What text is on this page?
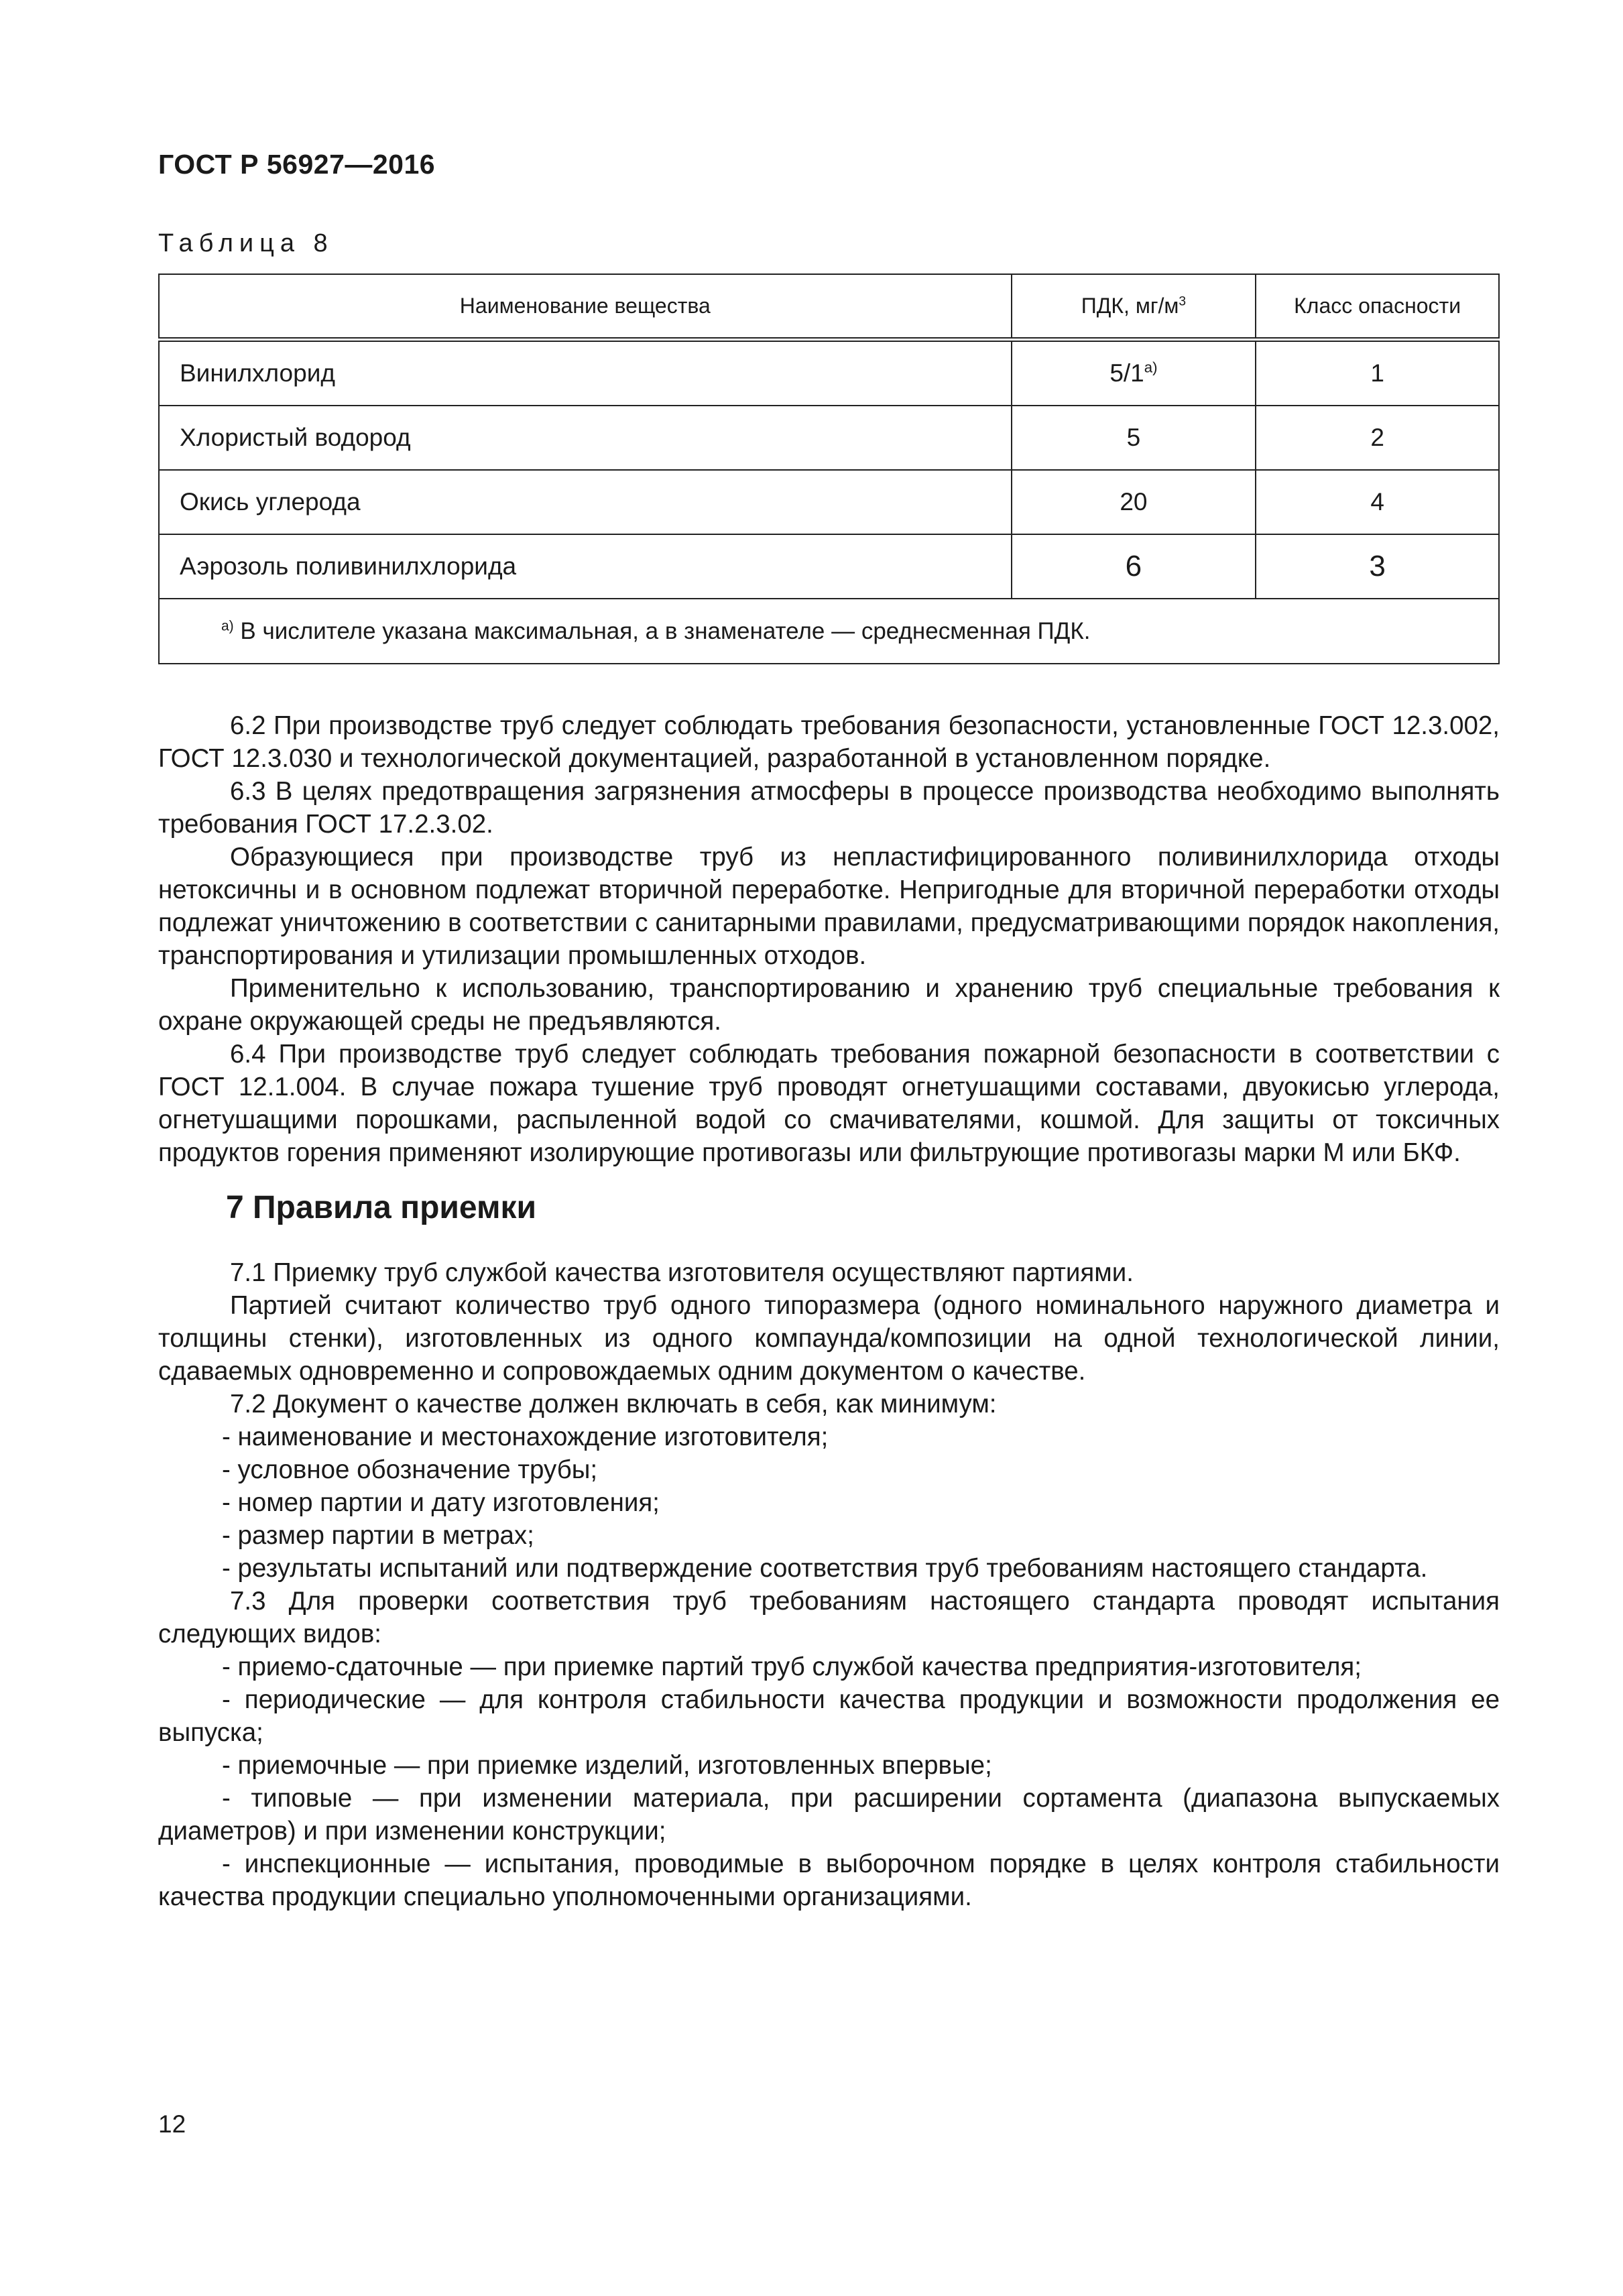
ГОСТ Р 56927—2016
Таблица 8
Наименование вещества	ПДК, $мг/м^3$	Класс опасности
Винилхлорид	$5/1^{а)}$	1
Хлористый водород	5	2
Окись углерода	20	4
Аэрозоль поливинилхлорида	6	3
$^{а)}$ В числителе указана максимальная, а в знаменателе — среднесменная ПДК.		

6.2 При производстве труб следует соблюдать требования безопасности, установленные ГОСТ 12.3.002, ГОСТ 12.3.030 и технологической документацией, разработанной в установленном порядке.

6.3 В целях предотвращения загрязнения атмосферы в процессе производства необходимо выполнять требования ГОСТ 17.2.3.02.

Образующиеся при производстве труб из непластифицированного поливинилхлорида отходы нетоксичны и в основном подлежат вторичной переработке. Непригодные для вторичной переработки отходы подлежат уничтожению в соответствии с санитарными правилами, предусматривающими порядок накопления, транспортирования и утилизации промышленных отходов.

Применительно к использованию, транспортированию и хранению труб специальные требования к охране окружающей среды не предъявляются.

6.4 При производстве труб следует соблюдать требования пожарной безопасности в соответствии с ГОСТ 12.1.004. В случае пожара тушение труб проводят огнетушащими составами, двуокисью углерода, огнетушащими порошками, распыленной водой со смачивателями, кошмой. Для защиты от токсичных продуктов горения применяют изолирующие противогазы или фильтрующие противогазы марки М или БКФ.

7 Правила приемки

7.1 Приемку труб службой качества изготовителя осуществляют партиями.

Партией считают количество труб одного типоразмера (одного номинального наружного диаметра и толщины стенки), изготовленных из одного компаунда/композиции на одной технологической линии, сдаваемых одновременно и сопровождаемых одним документом о качестве.

7.2 Документ о качестве должен включать в себя, как минимум:

- наименование и местонахождение изготовителя;

- условное обозначение трубы;

- номер партии и дату изготовления;

- размер партии в метрах;

- результаты испытаний или подтверждение соответствия труб требованиям настоящего стандарта.

7.3 Для проверки соответствия труб требованиям настоящего стандарта проводят испытания следующих видов:

- приемо-сдаточные — при приемке партий труб службой качества предприятия-изготовителя;

- периодические — для контроля стабильности качества продукции и возможности продолжения ее выпуска;

- приемочные — при приемке изделий, изготовленных впервые;

- типовые — при изменении материала, при расширении сортамента (диапазона выпускаемых диаметров) и при изменении конструкции;

- инспекционные — испытания, проводимые в выборочном порядке в целях контроля стабильности качества продукции специально уполномоченными организациями.

12
